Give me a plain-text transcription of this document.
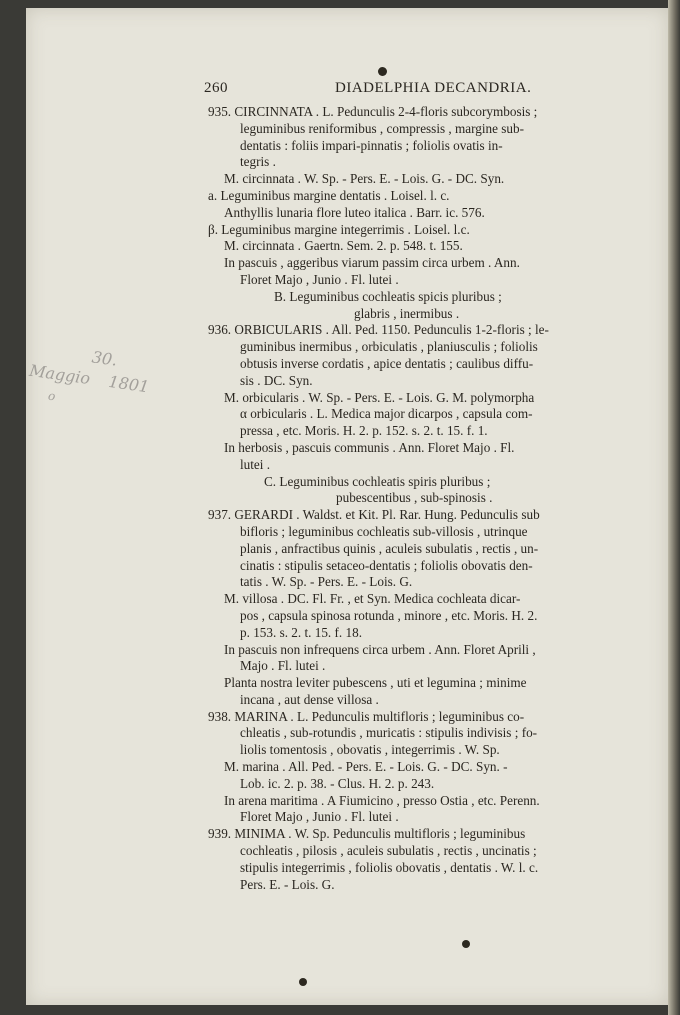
260	DIADELPHIA DECANDRIA.
30.
Maggio 1801
o
935. CIRCINNATA . L. Pedunculis 2-4-floris subcorymbosis ;
leguminibus reniformibus , compressis , margine sub-
dentatis : foliis impari-pinnatis ; foliolis ovatis in-
tegris .
M. circinnata . W. Sp. - Pers. E. - Lois. G. - DC. Syn.
a. Leguminibus margine dentatis . Loisel. l. c.
Anthyllis lunaria flore luteo italica . Barr. ic. 576.
β. Leguminibus margine integerrimis . Loisel. l.c.
M. circinnata . Gaertn. Sem. 2. p. 548. t. 155.
In pascuis , aggeribus viarum passim circa urbem . Ann.
Floret Majo , Junio . Fl. lutei .
B. Leguminibus cochleatis spicis pluribus ;
glabris , inermibus .
936. ORBICULARIS . All. Ped. 1150. Pedunculis 1-2-floris ; le-
guminibus inermibus , orbiculatis , planiusculis ; foliolis
obtusis inverse cordatis , apice dentatis ; caulibus diffu-
sis . DC. Syn.
M. orbicularis . W. Sp. - Pers. E. - Lois. G. M. polymorpha
α orbicularis . L. Medica major dicarpos , capsula com-
pressa , etc. Moris. H. 2. p. 152. s. 2. t. 15. f. 1.
In herbosis , pascuis communis . Ann. Floret Majo . Fl.
lutei .
C. Leguminibus cochleatis spiris pluribus ;
pubescentibus , sub-spinosis .
937. GERARDI . Waldst. et Kit. Pl. Rar. Hung. Pedunculis sub
bifloris ; leguminibus cochleatis sub-villosis , utrinque
planis , anfractibus quinis , aculeis subulatis , rectis , un-
cinatis : stipulis setaceo-dentatis ; foliolis obovatis den-
tatis . W. Sp. - Pers. E. - Lois. G.
M. villosa . DC. Fl. Fr. , et Syn. Medica cochleata dicar-
pos , capsula spinosa rotunda , minore , etc. Moris. H. 2.
p. 153. s. 2. t. 15. f. 18.
In pascuis non infrequens circa urbem . Ann. Floret Aprili ,
Majo . Fl. lutei .
Planta nostra leviter pubescens , uti et legumina ; minime
incana , aut dense villosa .
938. MARINA . L. Pedunculis multifloris ; leguminibus co-
chleatis , sub-rotundis , muricatis : stipulis indivisis ; fo-
liolis tomentosis , obovatis , integerrimis . W. Sp.
M. marina . All. Ped. - Pers. E. - Lois. G. - DC. Syn. -
Lob. ic. 2. p. 38. - Clus. H. 2. p. 243.
In arena maritima . A Fiumicino , presso Ostia , etc. Perenn.
Floret Majo , Junio . Fl. lutei .
939. MINIMA . W. Sp. Pedunculis multifloris ; leguminibus
cochleatis , pilosis , aculeis subulatis , rectis , uncinatis ;
stipulis integerrimis , foliolis obovatis , dentatis . W. l. c.
Pers. E. - Lois. G.
